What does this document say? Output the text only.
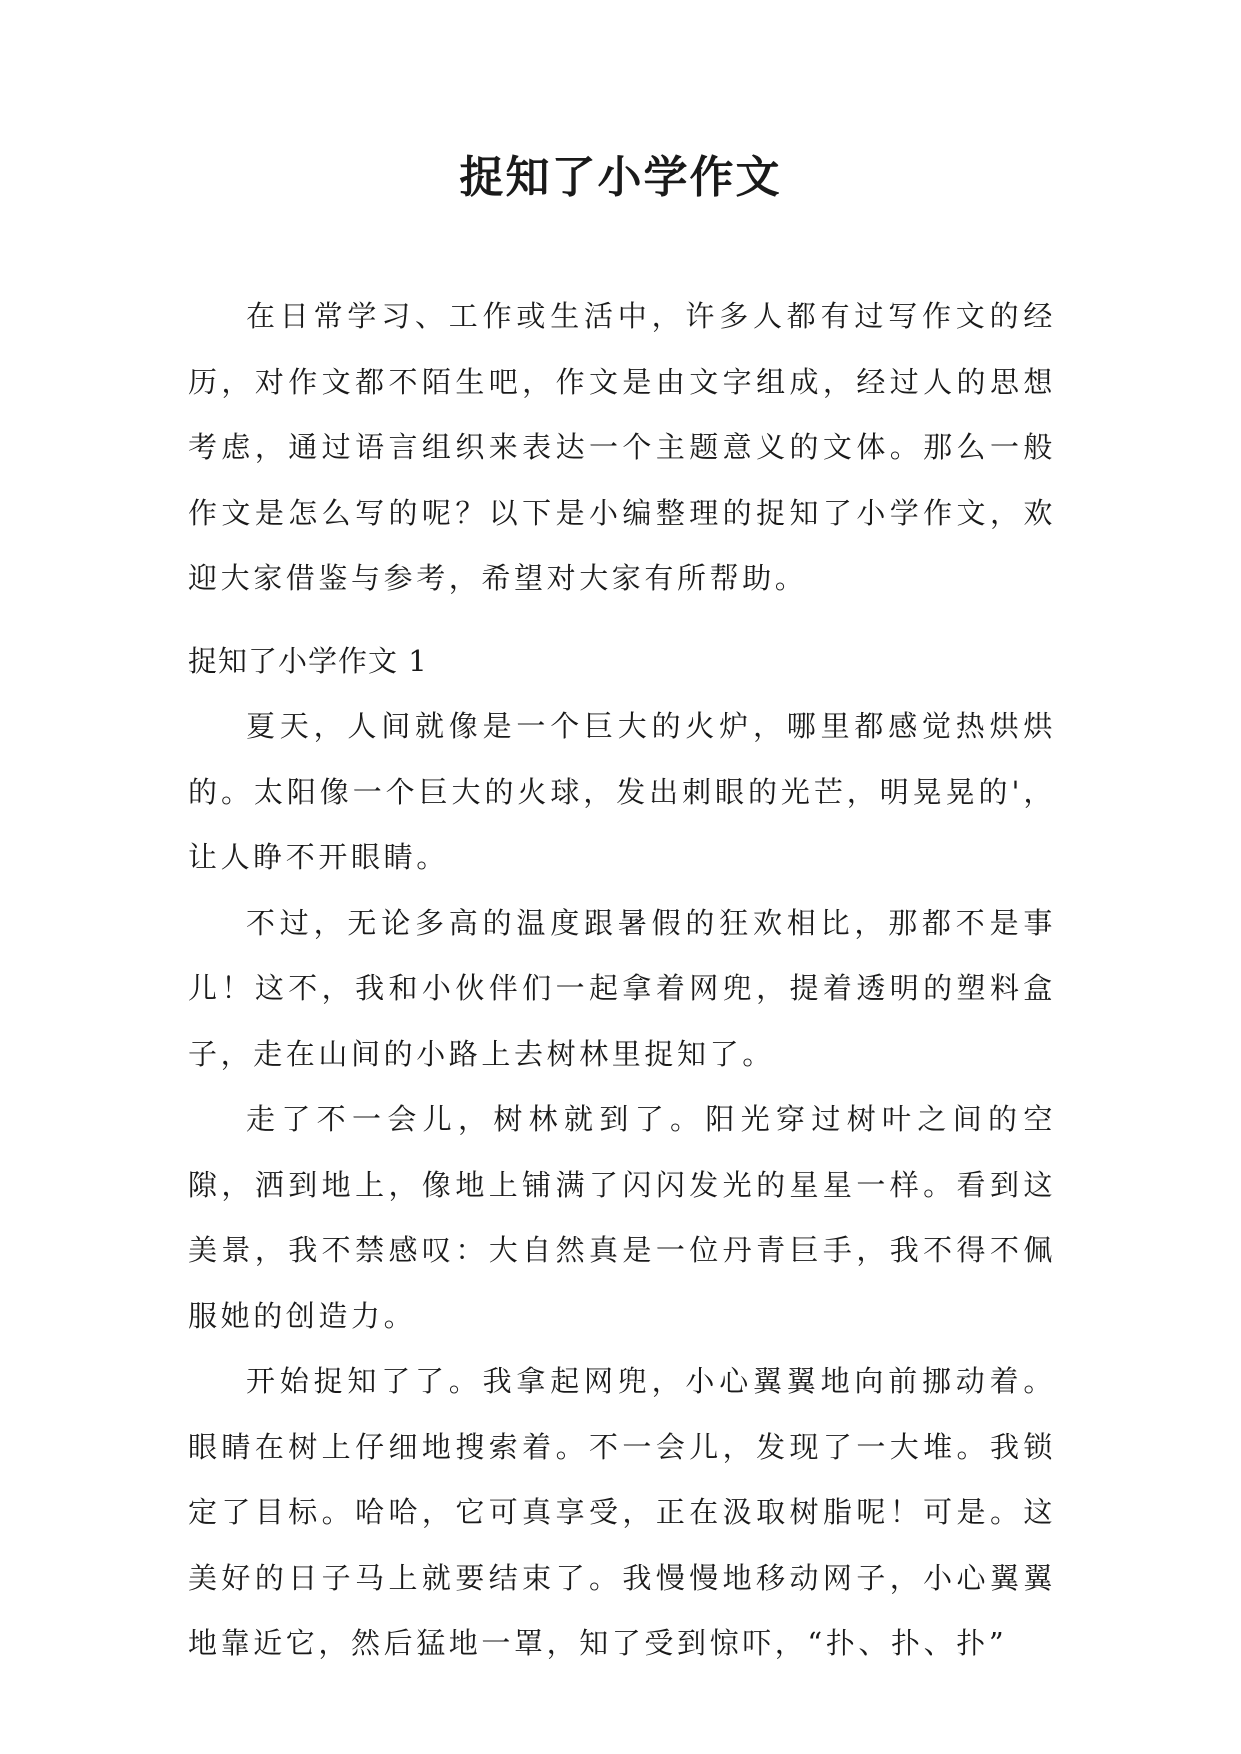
捉知了小学作文

在日常学习、工作或生活中，许多人都有过写作文的经历，对作文都不陌生吧，作文是由文字组成，经过人的思想考虑，通过语言组织来表达一个主题意义的文体。那么一般作文是怎么写的呢？以下是小编整理的捉知了小学作文，欢迎大家借鉴与参考，希望对大家有所帮助。

捉知了小学作文 1

夏天，人间就像是一个巨大的火炉，哪里都感觉热烘烘的。太阳像一个巨大的火球，发出刺眼的光芒，明晃晃的'，让人睁不开眼睛。

不过，无论多高的温度跟暑假的狂欢相比，那都不是事儿！这不，我和小伙伴们一起拿着网兜，提着透明的塑料盒子，走在山间的小路上去树林里捉知了。

走了不一会儿，树林就到了。阳光穿过树叶之间的空隙，洒到地上，像地上铺满了闪闪发光的星星一样。看到这美景，我不禁感叹：大自然真是一位丹青巨手，我不得不佩服她的创造力。

开始捉知了了。我拿起网兜，小心翼翼地向前挪动着。眼睛在树上仔细地搜索着。不一会儿，发现了一大堆。我锁定了目标。哈哈，它可真享受，正在汲取树脂呢！可是。这美好的日子马上就要结束了。我慢慢地移动网子，小心翼翼地靠近它，然后猛地一罩，知了受到惊吓，“扑、扑、扑”
